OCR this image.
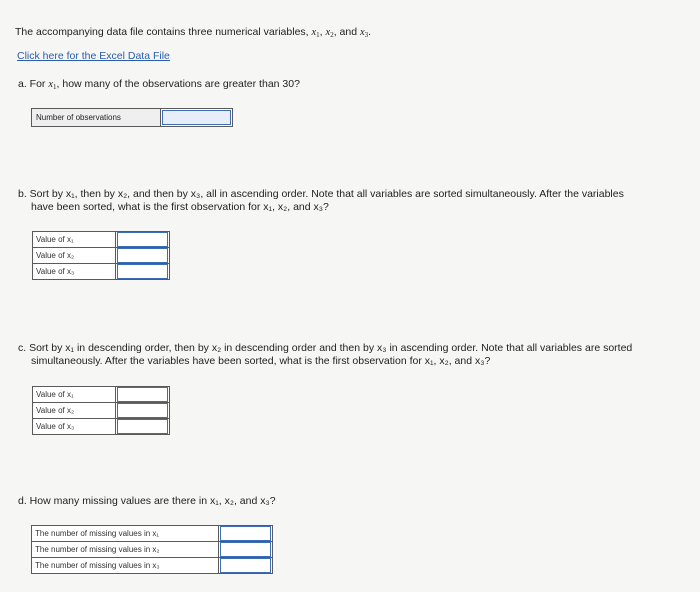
The accompanying data file contains three numerical variables, $x_1$, $x_2$, and $x_3$.
Click here for the Excel Data File
a. For $x_1$, how many of the observations are greater than 30?
Number of observations
b. Sort by x₁, then by x₂, and then by x₃, all in ascending order. Note that all variables are sorted simultaneously. After the variables
have been sorted, what is the first observation for x₁, x₂, and x₃?
Value of x₁	

Value of x₂	

Value of x₃	
c. Sort by x₁ in descending order, then by x₂ in descending order and then by x₃ in ascending order. Note that all variables are sorted
simultaneously. After the variables have been sorted, what is the first observation for x₁, x₂, and x₃?
Value of x₁	

Value of x₂	

Value of x₃	
d. How many missing values are there in x₁, x₂, and x₃?
The number of missing values in x₁	

The number of missing values in x₂	

The number of missing values in x₃	
